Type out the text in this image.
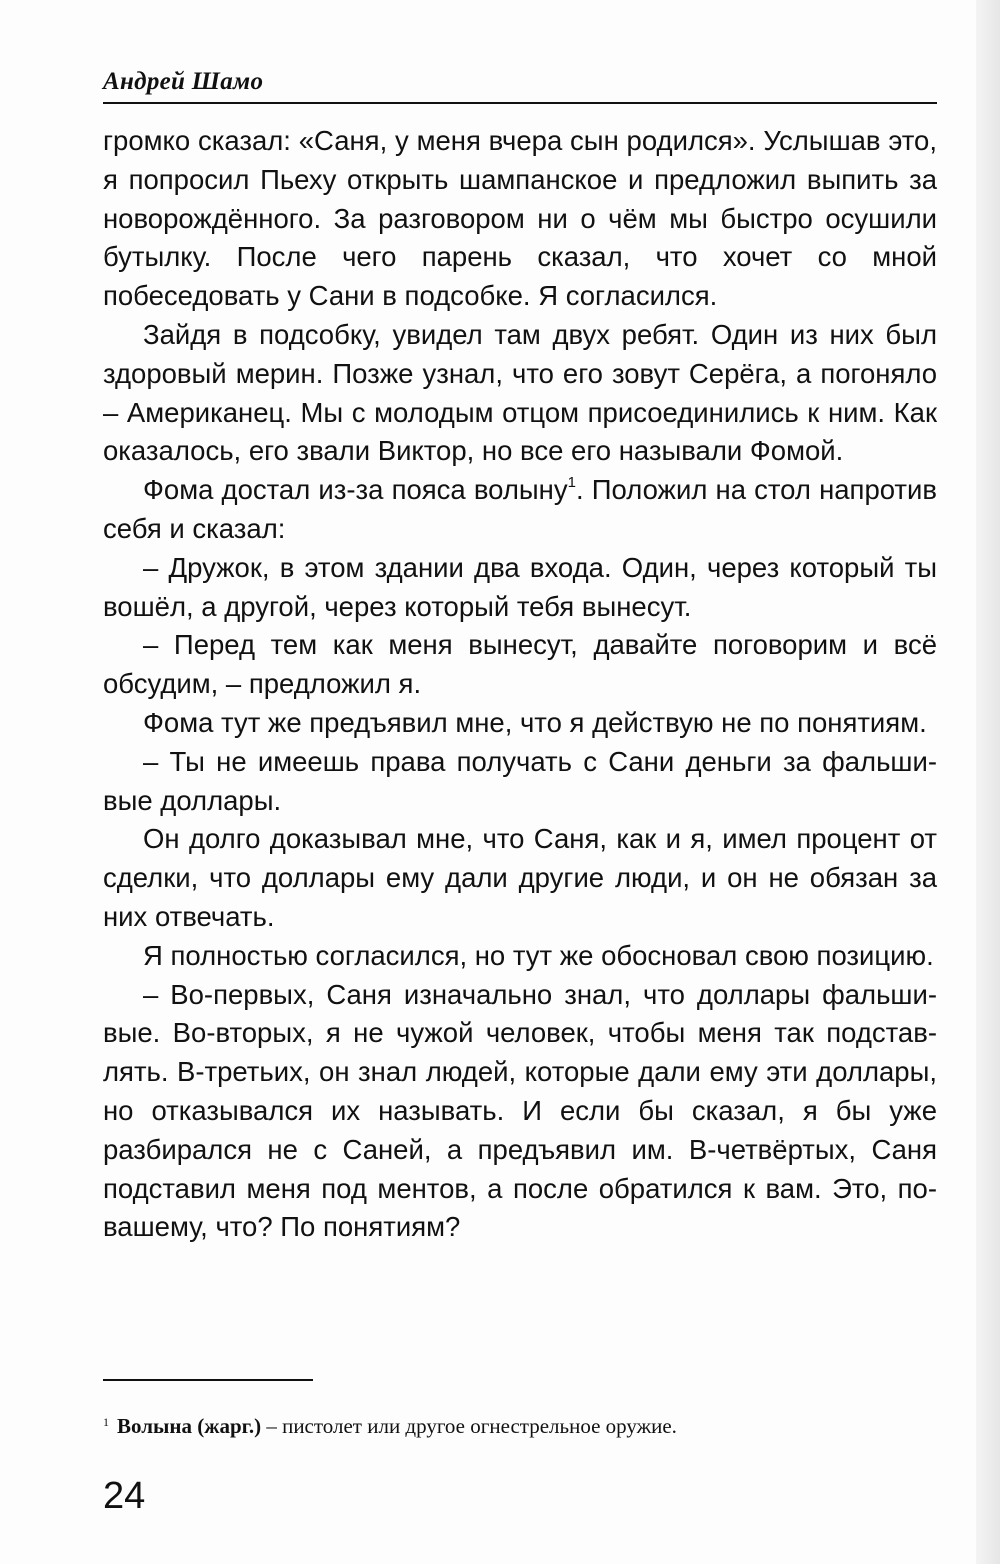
Андрей Шамо

громко сказал: «Саня, у меня вчера сын родился». Услышав это, я попросил Пьеху открыть шампанское и предложил выпить за новорождённого. За разговором ни о чём мы быстро осушили бутылку. После чего парень сказал, что хочет со мной побеседовать у Сани в подсобке. Я согласился.

Зайдя в подсобку, увидел там двух ребят. Один из них был здоровый мерин. Позже узнал, что его зовут Серёга, а погоняло – Американец. Мы с молодым отцом присоединились к ним. Как оказалось, его звали Виктор, но все его называли Фомой.

Фома достал из-за пояса волыну$^1$. Положил на стол напротив себя и сказал:

– Дружок, в этом здании два входа. Один, через который ты вошёл, а другой, через который тебя вынесут.

– Перед тем как меня вынесут, давайте поговорим и всё обсудим, – предложил я.

Фома тут же предъявил мне, что я действую не по понятиям.

– Ты не имеешь права получать с Сани деньги за фальшивые доллары.

Он долго доказывал мне, что Саня, как и я, имел процент от сделки, что доллары ему дали другие люди, и он не обязан за них отвечать.

Я полностью согласился, но тут же обосновал свою позицию.

– Во-первых, Саня изначально знал, что доллары фальшивые. Во-вторых, я не чужой человек, чтобы меня так подставлять. В-третьих, он знал людей, которые дали ему эти доллары, но отказывался их называть. И если бы сказал, я бы уже разбирался не с Саней, а предъявил им. В-четвёртых, Саня подставил меня под ментов, а после обратился к вам. Это, повашему, что? По понятиям?

$^1$ Волына (жарг.) – пистолет или другое огнестрельное оружие.
24
